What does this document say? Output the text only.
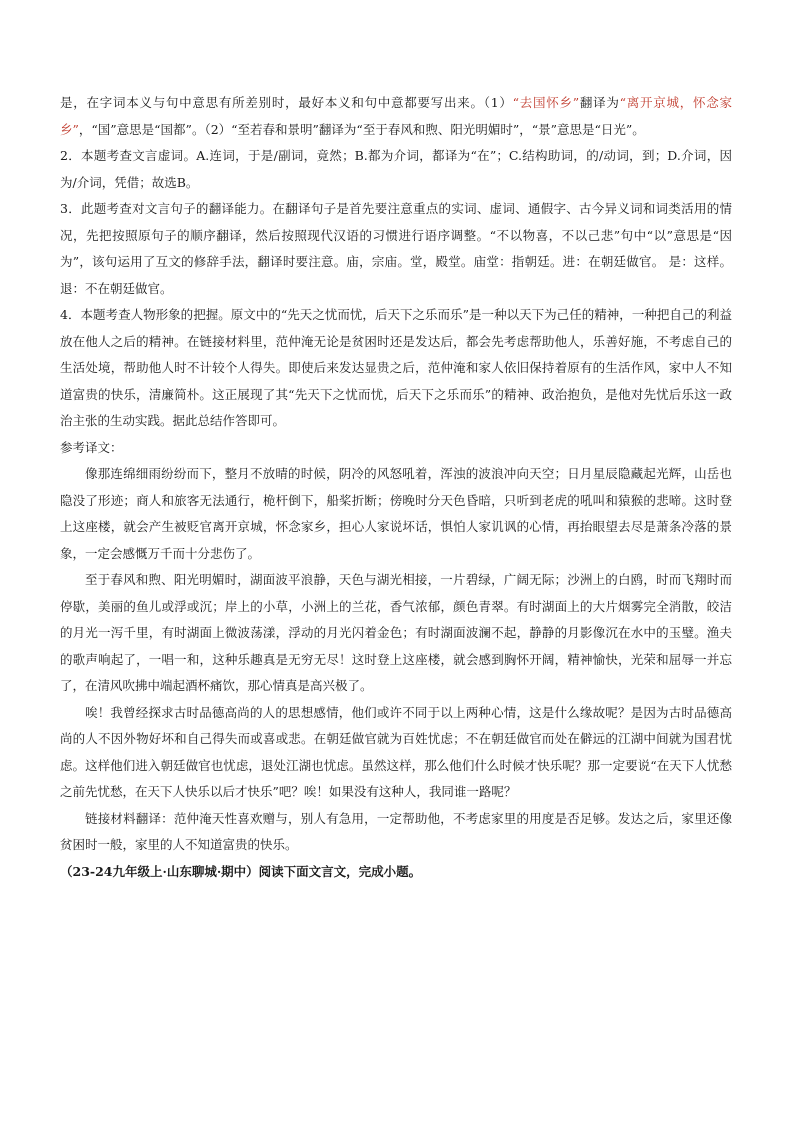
是，在字词本义与句中意思有所差别时，最好本义和句中意都要写出来。（1）“去国怀乡”翻译为“离开京城，怀念家乡”，“国”意思是“国都”。（2）“至若春和景明”翻译为“至于春风和煦、阳光明媚时”，“景”意思是“日光”。

2．本题考查文言虚词。A.连词，于是/副词，竟然；B.都为介词，都译为“在”；C.结构助词，的/动词，到；D.介词，因为/介词，凭借；故选B。

3．此题考查对文言句子的翻译能力。在翻译句子是首先要注意重点的实词、虚词、通假字、古今异义词和词类活用的情况，先把按照原句子的顺序翻译，然后按照现代汉语的习惯进行语序调整。“不以物喜，不以己悲”句中“以”意思是“因为”，该句运用了互文的修辞手法，翻译时要注意。庙，宗庙。堂，殿堂。庙堂：指朝廷。进：在朝廷做官。 是：这样。退：不在朝廷做官。

4．本题考查人物形象的把握。原文中的“先天之忧而忧，后天下之乐而乐”是一种以天下为己任的精神，一种把自己的利益放在他人之后的精神。在链接材料里，范仲淹无论是贫困时还是发达后，都会先考虑帮助他人，乐善好施，不考虑自己的生活处境，帮助他人时不计较个人得失。即使后来发达显贵之后，范仲淹和家人依旧保持着原有的生活作风，家中人不知道富贵的快乐，清廉简朴。这正展现了其“先天下之忧而忧，后天下之乐而乐”的精神、政治抱负，是他对先忧后乐这一政治主张的生动实践。据此总结作答即可。

参考译文：

像那连绵细雨纷纷而下，整月不放晴的时候，阴冷的风怒吼着，浑浊的波浪冲向天空；日月星辰隐藏起光辉，山岳也隐没了形迹；商人和旅客无法通行，桅杆倒下，船桨折断；傍晚时分天色昏暗，只听到老虎的吼叫和猿猴的悲啼。这时登上这座楼，就会产生被贬官离开京城，怀念家乡，担心人家说坏话，惧怕人家讥讽的心情，再抬眼望去尽是萧条冷落的景象，一定会感慨万千而十分悲伤了。

至于春风和煦、阳光明媚时，湖面波平浪静，天色与湖光相接，一片碧绿，广阔无际；沙洲上的白鸥，时而飞翔时而停歇，美丽的鱼儿或浮或沉；岸上的小草，小洲上的兰花，香气浓郁，颜色青翠。有时湖面上的大片烟雾完全消散，皎洁的月光一泻千里，有时湖面上微波荡漾，浮动的月光闪着金色；有时湖面波澜不起，静静的月影像沉在水中的玉璧。渔夫的歌声响起了，一唱一和，这种乐趣真是无穷无尽！这时登上这座楼，就会感到胸怀开阔，精神愉快，光荣和屈辱一并忘了，在清风吹拂中端起酒杯痛饮，那心情真是高兴极了。

唉！我曾经探求古时品德高尚的人的思想感情，他们或许不同于以上两种心情，这是什么缘故呢？是因为古时品德高尚的人不因外物好坏和自己得失而或喜或悲。在朝廷做官就为百姓忧虑；不在朝廷做官而处在僻远的江湖中间就为国君忧虑。这样他们进入朝廷做官也忧虑，退处江湖也忧虑。虽然这样，那么他们什么时候才快乐呢？那一定要说“在天下人忧愁之前先忧愁，在天下人快乐以后才快乐”吧？唉！如果没有这种人，我同谁一路呢？

链接材料翻译：范仲淹天性喜欢赠与，别人有急用，一定帮助他，不考虑家里的用度是否足够。发达之后，家里还像贫困时一般，家里的人不知道富贵的快乐。

（23-24九年级上·山东聊城·期中）阅读下面文言文，完成小题。
